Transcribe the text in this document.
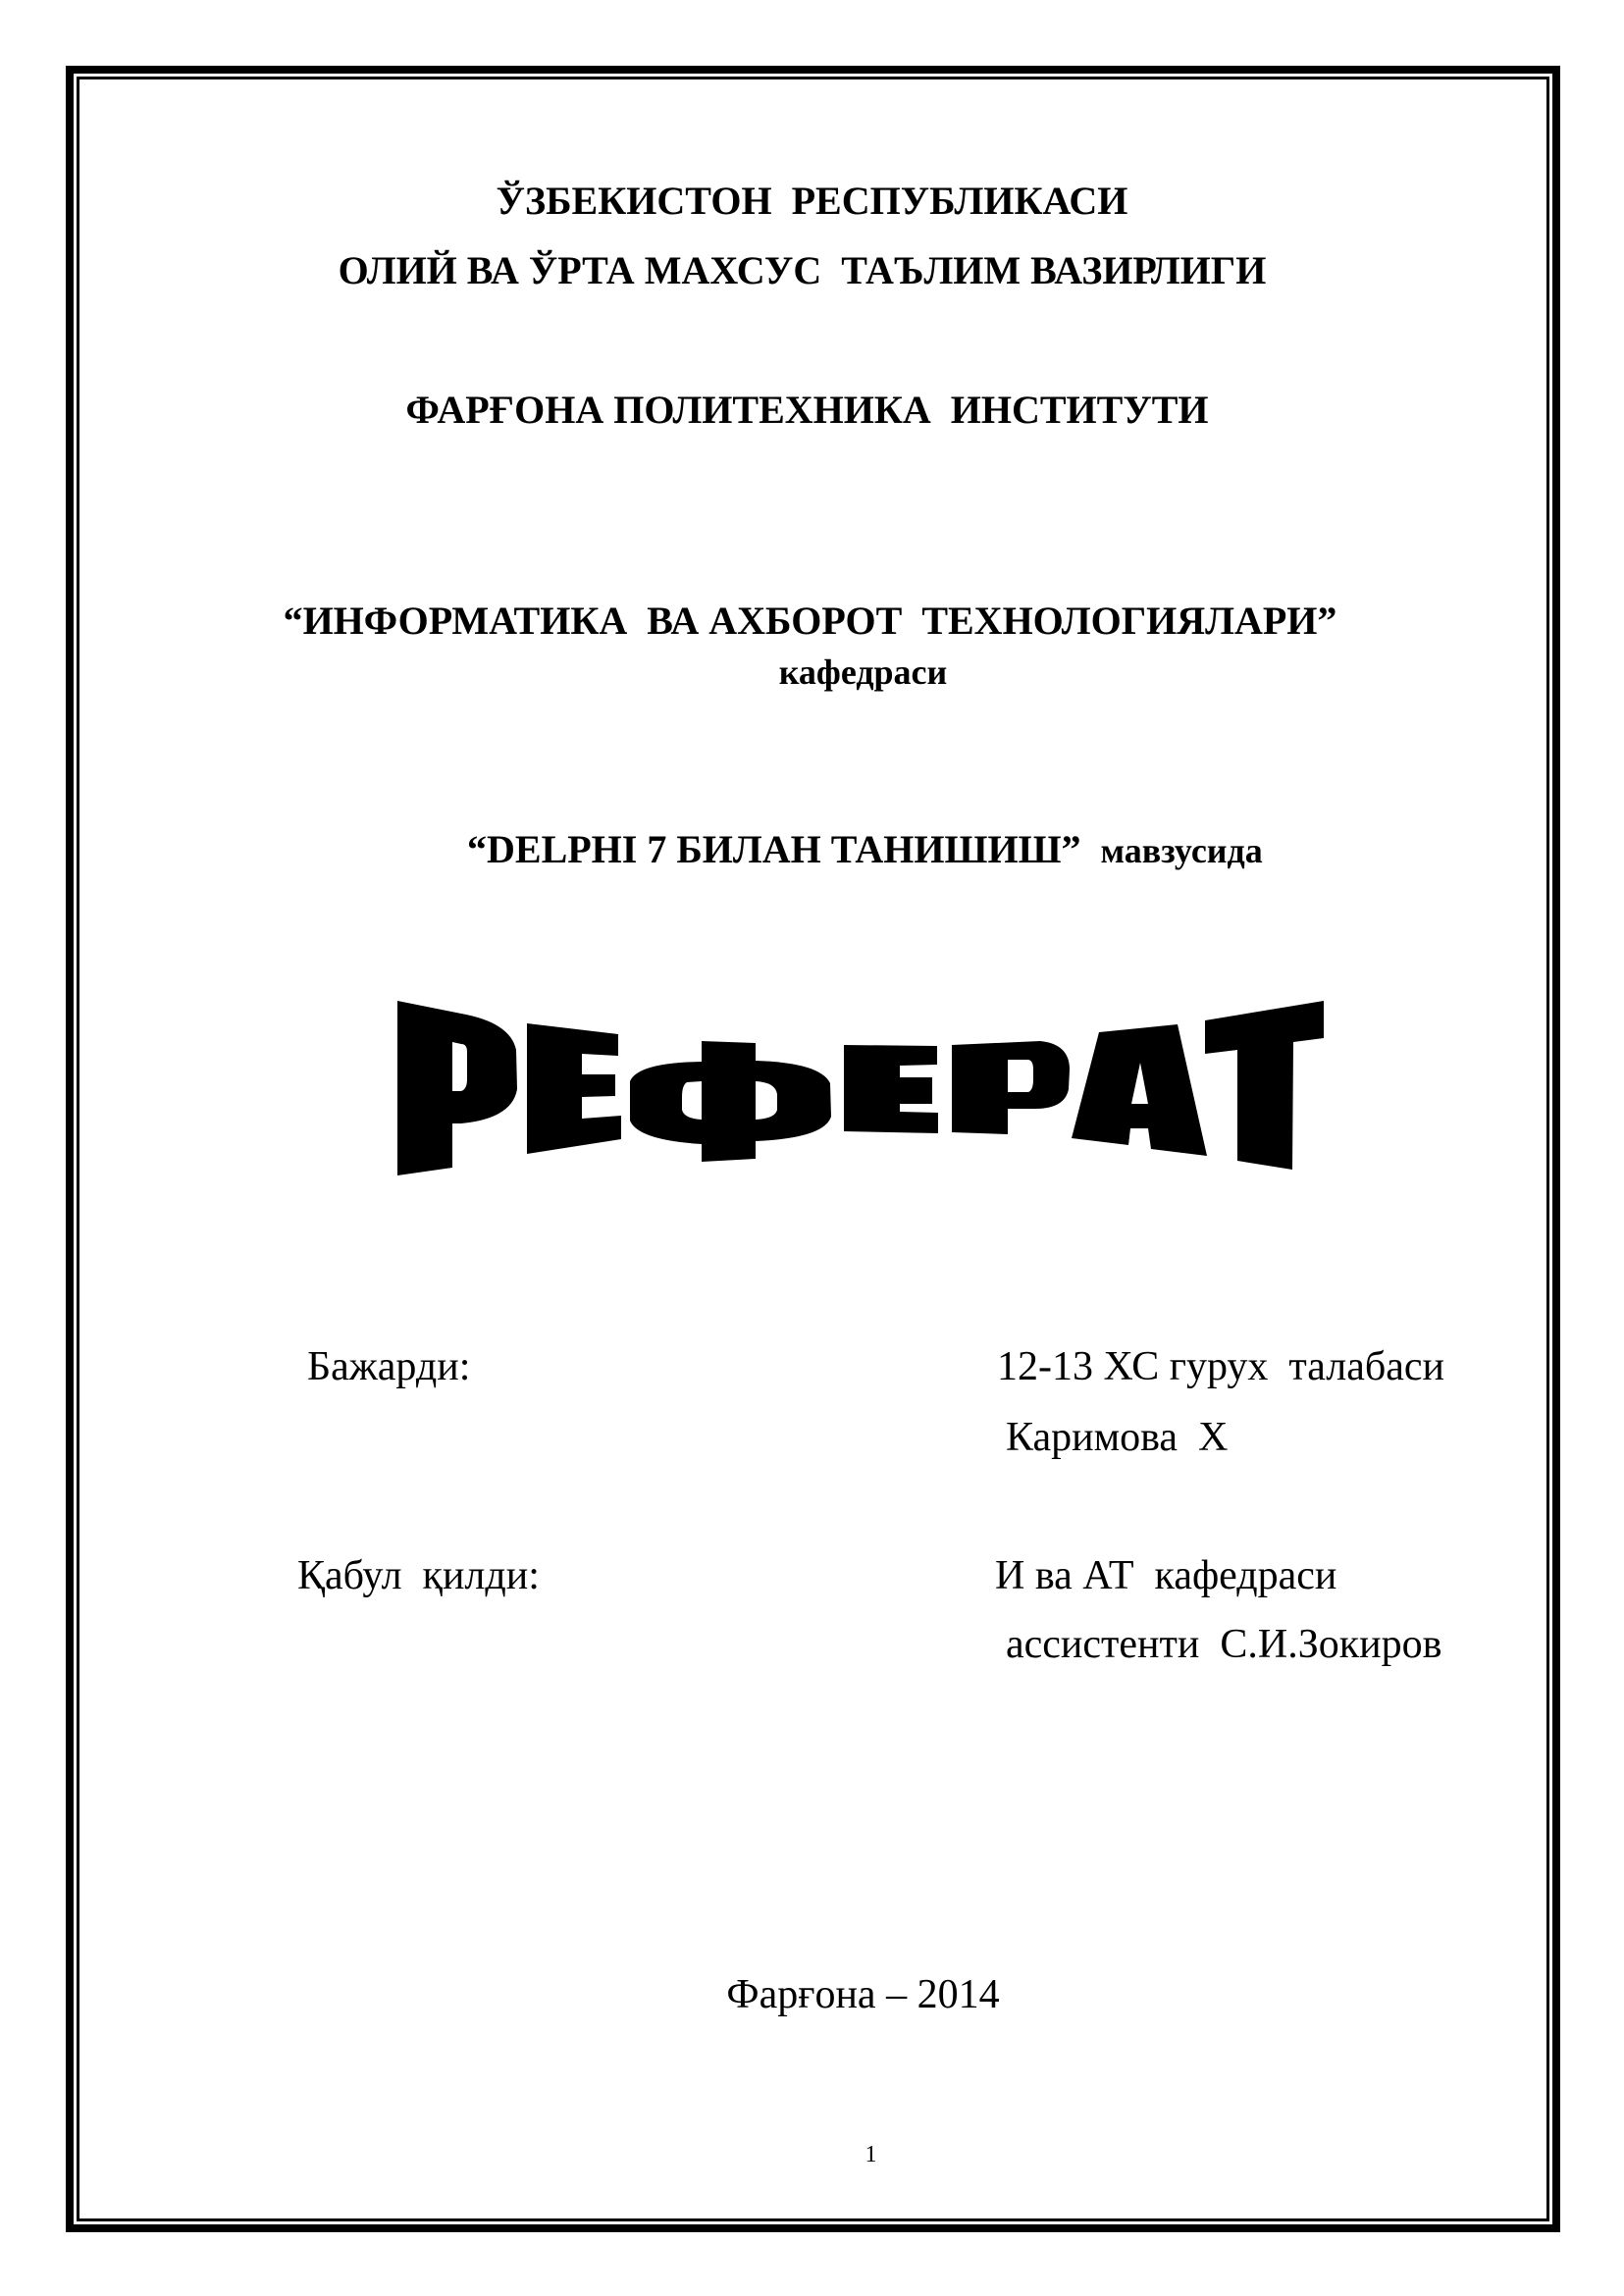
ЎЗБЕКИСТОН  РЕСПУБЛИКАСИ
ОЛИЙ ВА ЎРТА МАХСУС  ТАЪЛИМ ВАЗИРЛИГИ
ФАРҒОНА ПОЛИТЕХНИКА  ИНСТИТУТИ
“ИНФОРМАТИКА  ВА АХБОРОТ  ТЕХНОЛОГИЯЛАРИ”
кафедраси

“DELPHI 7 БИЛАН ТАНИШИШ” мавзусида

Бажарди:	12-13 ХС гурух  талабаси
Каримова  Х
Қабул  қилди:	И ва АТ  кафедраси
ассистенти  С.И.Зокиров
Фарғона – 2014
1
